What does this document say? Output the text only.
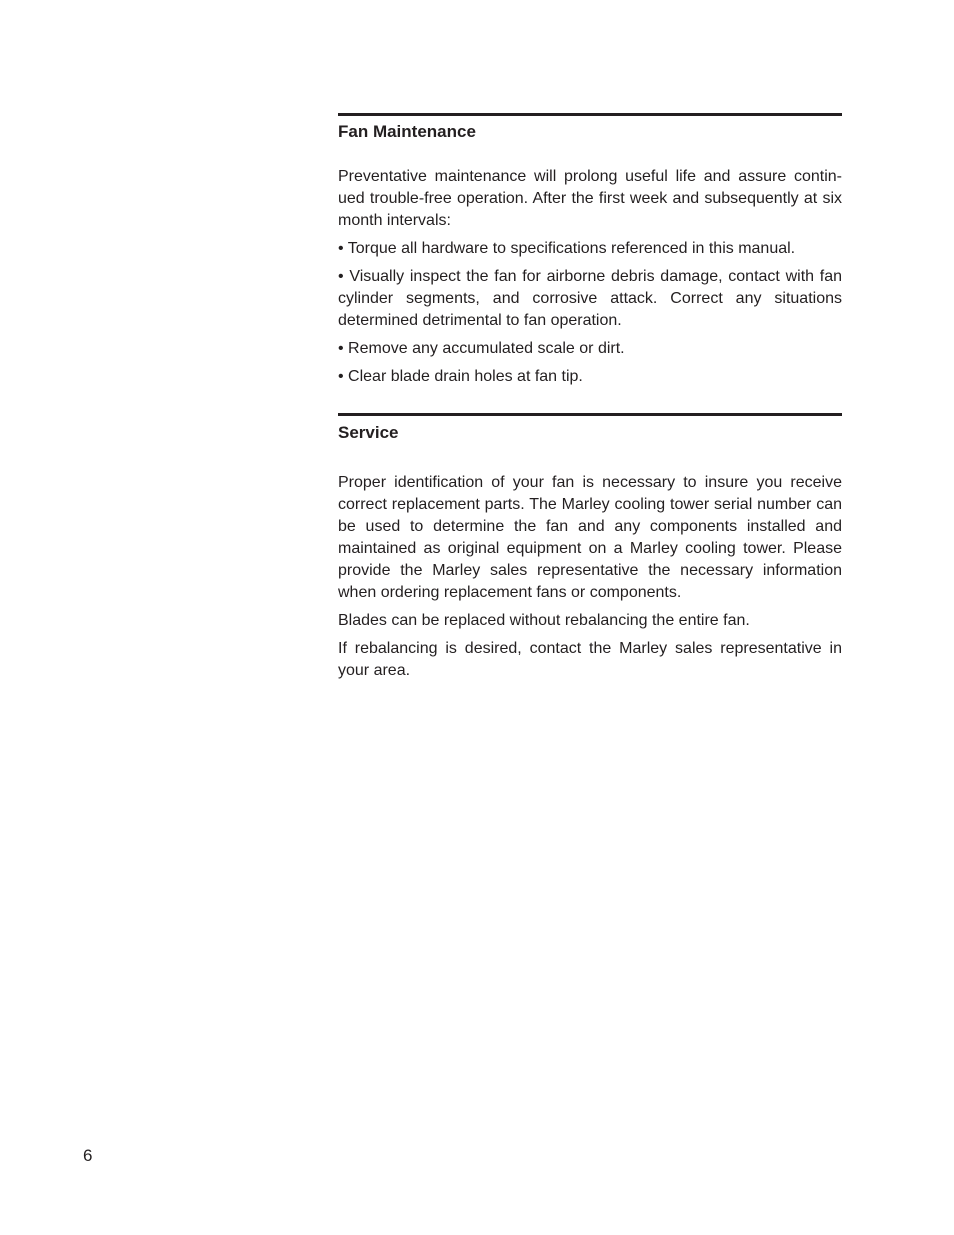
Fan Maintenance

Preventative maintenance will prolong useful life and assure contin-ued trouble-free operation. After the first week and subsequently at six month intervals:

• Torque all hardware to specifications referenced in this manual.

• Visually inspect the fan for airborne debris damage, contact with fan cylinder segments, and corrosive attack. Correct any situations determined detrimental to fan operation.

• Remove any accumulated scale or dirt.

• Clear blade drain holes at fan tip.

Service

Proper identification of your fan is necessary to insure you receive correct replacement parts. The Marley cooling tower serial number can be used to determine the fan and any components installed and maintained as original equipment on a Marley cooling tower. Please provide the Marley sales representative the necessary information when ordering replacement fans or components.

Blades can be replaced without rebalancing the entire fan.

If rebalancing is desired, contact the Marley sales representative in your area.

6
